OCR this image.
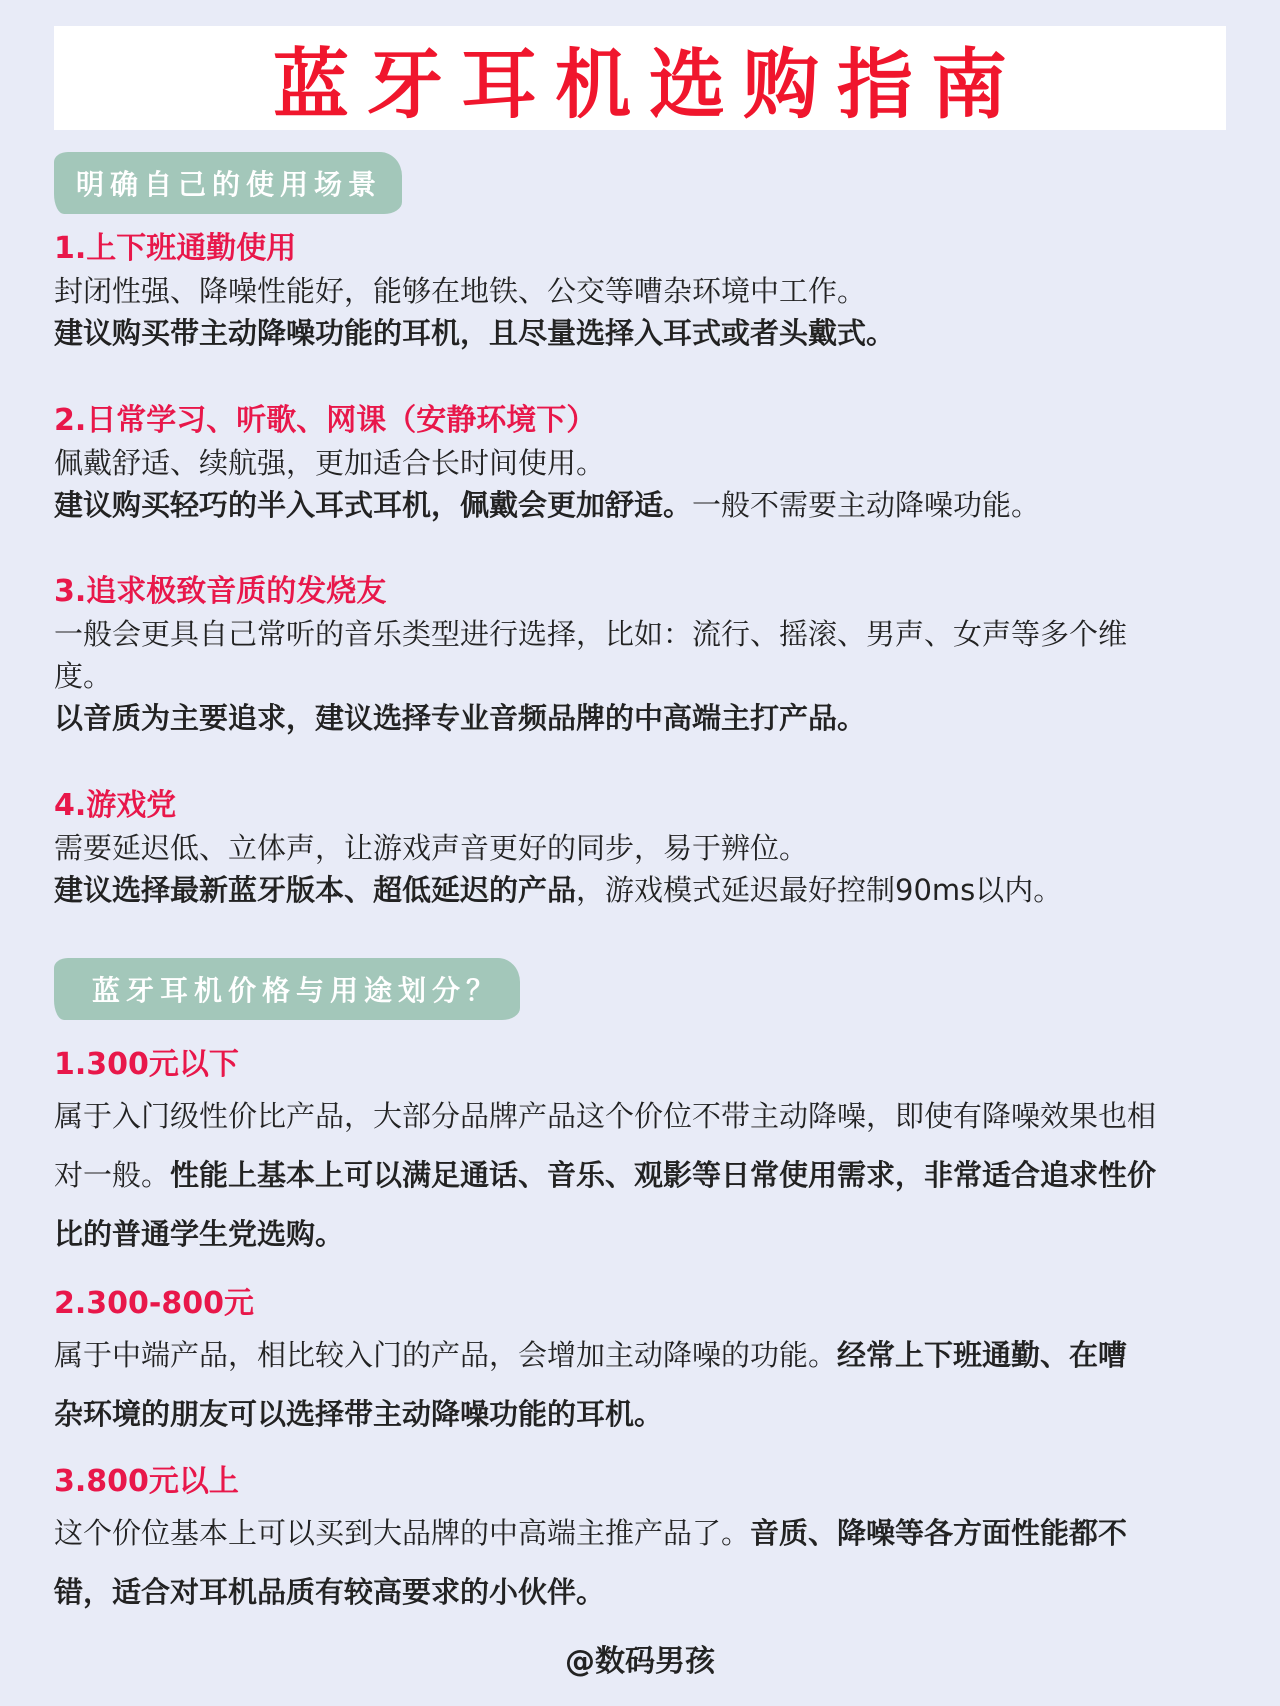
蓝牙耳机选购指南
明确自己的使用场景
1.上下班通勤使用
封闭性强、降噪性能好，能够在地铁、公交等嘈杂环境中工作。
建议购买带主动降噪功能的耳机，且尽量选择入耳式或者头戴式。
2.日常学习、听歌、网课（安静环境下）
佩戴舒适、续航强，更加适合长时间使用。
建议购买轻巧的半入耳式耳机，佩戴会更加舒适。一般不需要主动降噪功能。
3.追求极致音质的发烧友
一般会更具自己常听的音乐类型进行选择，比如：流行、摇滚、男声、女声等多个维度。
以音质为主要追求，建议选择专业音频品牌的中高端主打产品。
4.游戏党
需要延迟低、立体声，让游戏声音更好的同步，易于辨位。
建议选择最新蓝牙版本、超低延迟的产品，游戏模式延迟最好控制90ms以内。
蓝牙耳机价格与用途划分？
1.300元以下
属于入门级性价比产品，大部分品牌产品这个价位不带主动降噪，即使有降噪效果也相对一般。性能上基本上可以满足通话、音乐、观影等日常使用需求，非常适合追求性价比的普通学生党选购。
2.300-800元
属于中端产品，相比较入门的产品，会增加主动降噪的功能。经常上下班通勤、在嘈杂环境的朋友可以选择带主动降噪功能的耳机。
3.800元以上
这个价位基本上可以买到大品牌的中高端主推产品了。音质、降噪等各方面性能都不错，适合对耳机品质有较高要求的小伙伴。
@数码男孩
